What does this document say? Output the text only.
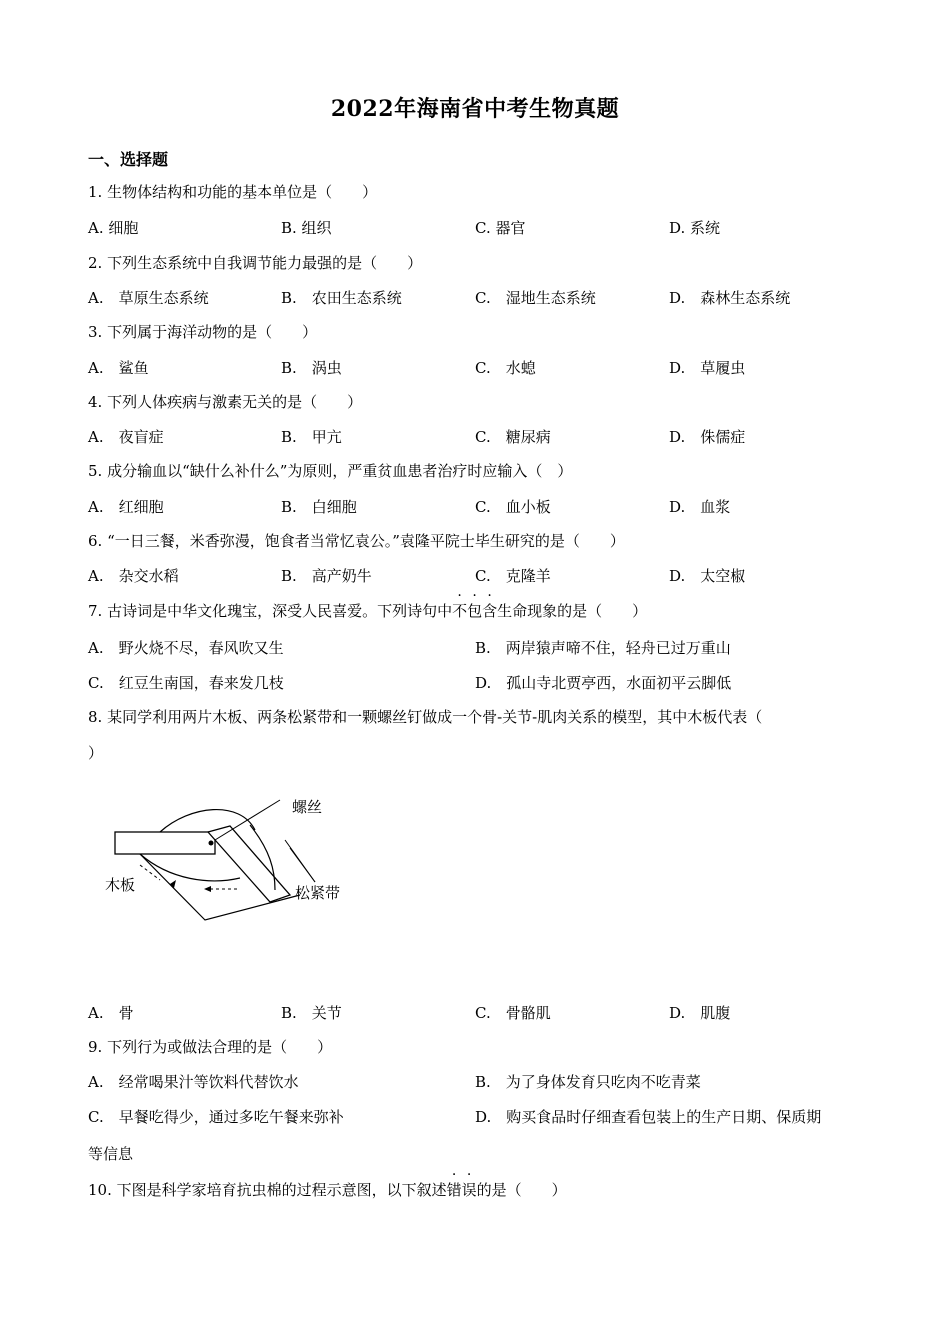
2022年海南省中考生物真题
一、选择题
1. 生物体结构和功能的基本单位是（　　）
A. 细胞	B. 组织	C. 器官	D. 系统
2. 下列生态系统中自我调节能力最强的是（　　）
A.　草原生态系统	B.　农田生态系统	C.　湿地生态系统	D.　森林生态系统
3. 下列属于海洋动物的是（　　）
A.　鲨鱼	B.　涡虫	C.　水螅	D.　草履虫
4. 下列人体疾病与激素无关的是（　　）
A.　夜盲症	B.　甲亢	C.　糖尿病	D.　侏儒症
5. 成分输血以“缺什么补什么”为原则，严重贫血患者治疗时应输入（　）
A.　红细胞	B.　白细胞	C.　血小板	D.　血浆
6. “一日三餐，米香弥漫，饱食者当常忆袁公。”袁隆平院士毕生研究的是（　　）
A.　杂交水稻	B.　高产奶牛	C.　克隆羊	D.　太空椒
7. 古诗词是中华文化瑰宝，深受人民喜爱。下列诗句中不包含生命现象的是（　　）
A.　野火烧不尽，春风吹又生	B.　两岸猿声啼不住，轻舟已过万重山
C.　红豆生南国，春来发几枝	D.　孤山寺北贾亭西，水面初平云脚低
8. 某同学利用两片木板、两条松紧带和一颗螺丝钉做成一个骨-关节-肌肉关系的模型，其中木板代表（
）
螺丝
木板	松紧带
A.　骨	B.　关节	C.　骨骼肌	D.　肌腹
9. 下列行为或做法合理的是（　　）
A.　经常喝果汁等饮料代替饮水	B.　为了身体发育只吃肉不吃青菜
C.　早餐吃得少，通过多吃午餐来弥补	D.　购买食品时仔细查看包装上的生产日期、保质期
等信息
10. 下图是科学家培育抗虫棉的过程示意图，以下叙述错误的是（　　）
